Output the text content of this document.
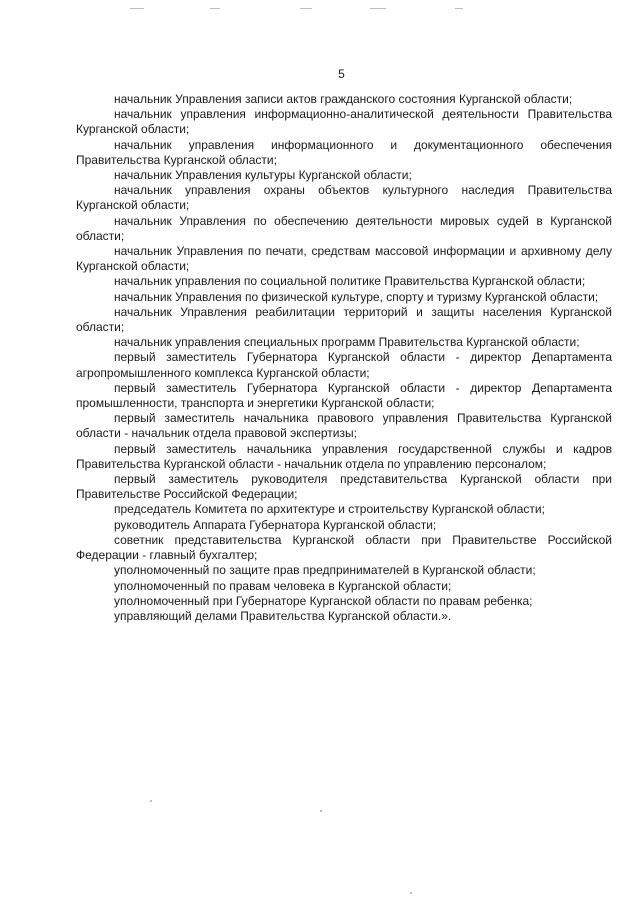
5

начальник Управления записи актов гражданского состояния Курганской области;

начальник управления информационно-аналитической деятельности Правительства Курганской области;

начальник управления информационного и документационного обеспечения Правительства Курганской области;

начальник Управления культуры Курганской области;

начальник управления охраны объектов культурного наследия Правительства Курганской области;

начальник Управления по обеспечению деятельности мировых судей в Курганской области;

начальник Управления по печати, средствам массовой информации и архивному делу Курганской области;

начальник управления по социальной политике Правительства Курганской области;

начальник Управления по физической культуре, спорту и туризму Курганской области;

начальник Управления реабилитации территорий и защиты населения Курганской области;

начальник управления специальных программ Правительства Курганской области;

первый заместитель Губернатора Курганской области - директор Департамента агропромышленного комплекса Курганской области;

первый заместитель Губернатора Курганской области - директор Департамента промышленности, транспорта и энергетики Курганской области;

первый заместитель начальника правового управления Правительства Курганской области - начальник отдела правовой экспертизы;

первый заместитель начальника управления государственной службы и кадров Правительства Курганской области - начальник отдела по управлению персоналом;

первый заместитель руководителя представительства Курганской области при Правительстве Российской Федерации;

председатель Комитета по архитектуре и строительству Курганской области;

руководитель Аппарата Губернатора Курганской области;

советник представительства Курганской области при Правительстве Российской Федерации - главный бухгалтер;

уполномоченный по защите прав предпринимателей в Курганской области;

уполномоченный по правам человека в Курганской области;

уполномоченный при Губернаторе Курганской области по правам ребенка;

управляющий делами Правительства Курганской области.».
